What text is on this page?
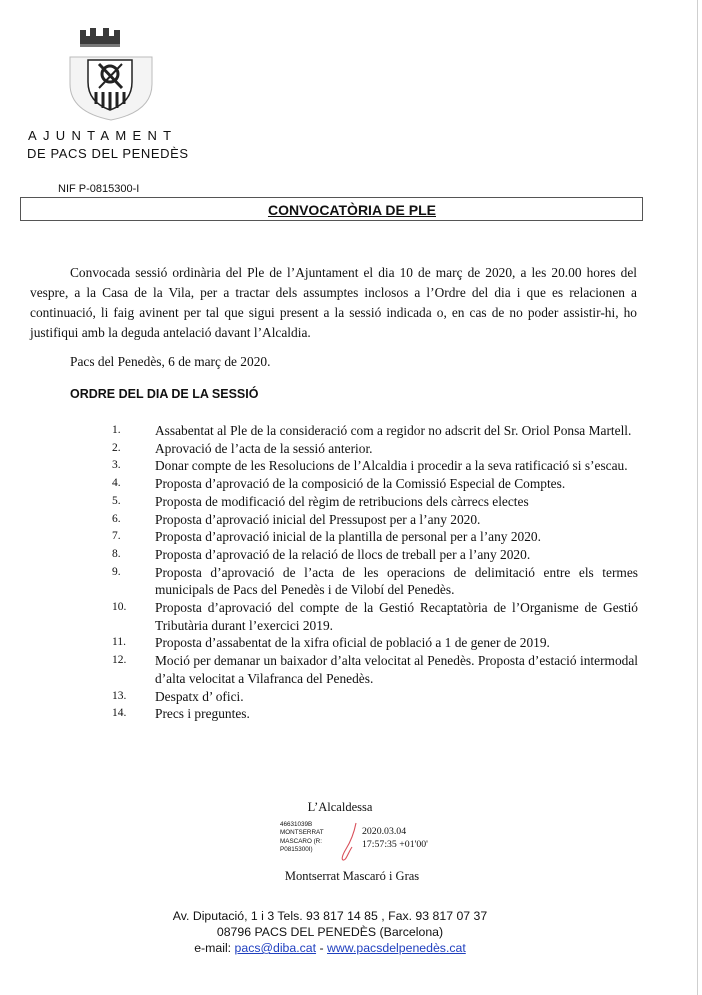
AJUNTAMENT
DE PACS DEL PENEDÈS
NIF P-0815300-I
CONVOCATÒRIA DE PLE

Convocada sessió ordinària del Ple de l’Ajuntament el dia 10 de març de 2020, a les 20.00 hores del vespre, a la Casa de la Vila, per a tractar dels assumptes inclosos a l’Ordre del dia i que es relacionen a continuació, li faig avinent per tal que sigui present a la sessió indicada o, en cas de no poder assistir-hi, ho justifiqui amb la deguda antelació davant l’Alcaldia.

Pacs del Penedès, 6 de març de 2020.
ORDRE DEL DIA DE LA SESSIÓ
1.	Assabentat al Ple de la consideració com a regidor no adscrit del Sr. Oriol Ponsa Martell.
2.	Aprovació de l’acta de la sessió anterior.
3.	Donar compte de les Resolucions de l’Alcaldia i procedir a la seva ratificació si s’escau.
4.	Proposta d’aprovació de la composició de la Comissió Especial de Comptes.
5.	Proposta de modificació del règim de retribucions dels càrrecs electes
6.	Proposta d’aprovació inicial del Pressupost per a l’any 2020.
7.	Proposta d’aprovació inicial de la plantilla de personal per a l’any 2020.
8.	Proposta d’aprovació de la relació de llocs de treball per a l’any 2020.
9.	Proposta d’aprovació de l’acta de les operacions de delimitació entre els termes municipals de Pacs del Penedès i de Vilobí del Penedès.
10.	Proposta d’aprovació del compte de la Gestió Recaptatòria de l’Organisme de Gestió Tributària durant l’exercici 2019.
11.	Proposta d’assabentat de la xifra oficial de població a 1 de gener de 2019.
12.	Moció per demanar un baixador d’alta velocitat al Penedès. Proposta d’estació intermodal d’alta velocitat a Vilafranca del Penedès.
13.	Despatx d’ ofici.
14.	Precs i preguntes.
L’Alcaldessa
46631039B
MONTSERRAT
MASCARO (R:
P0815300I)
2020.03.04
17:57:35 +01'00'
Montserrat Mascaró i Gras
Av. Diputació, 1 i 3 Tels. 93 817 14 85 , Fax. 93 817 07 37
08796 PACS DEL PENEDÈS (Barcelona)
e-mail: pacs@diba.cat - www.pacsdelpenedès.cat
